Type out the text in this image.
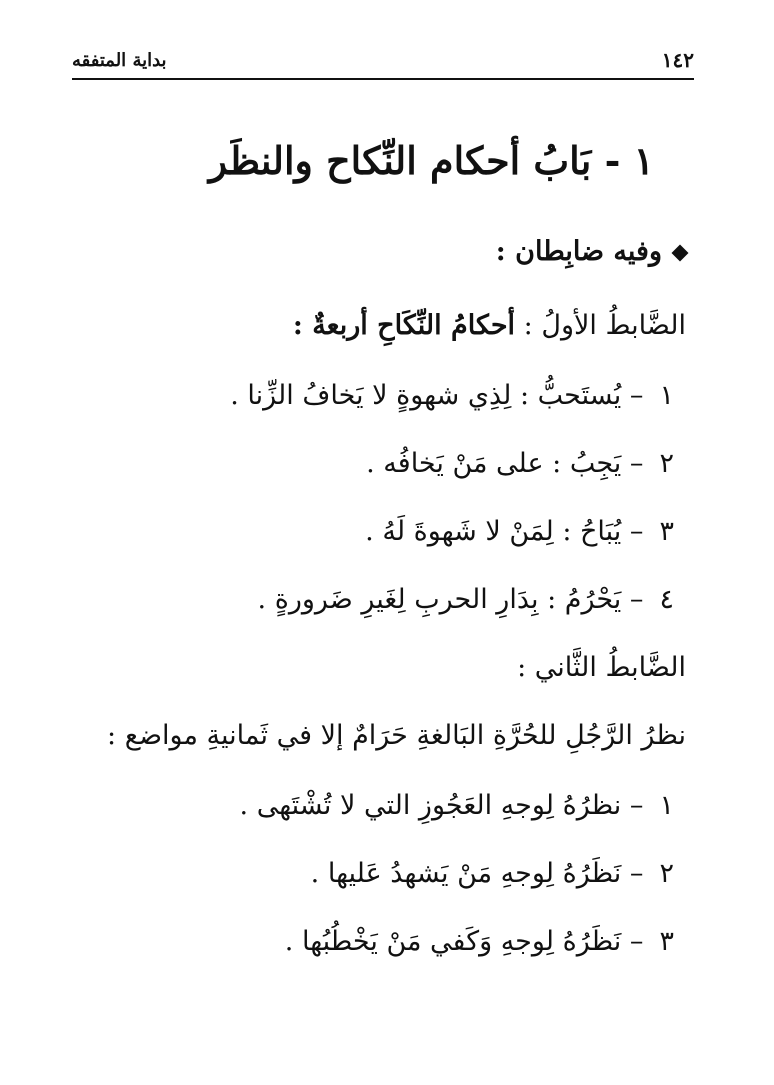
١٤٢
بداية المتفقه
١ - بَابُ أحكام النِّكاح والنظَر
وفيه ضابِطان :
الضَّابطُ الأولُ : أحكامُ النِّكَاحِ أربعةٌ :
١ – يُستَحبُّ : لِذِي شهوةٍ لا يَخافُ الزِّنا .
٢ – يَجِبُ : على مَنْ يَخافُه .
٣ – يُبَاحُ : لِمَنْ لا شَهوةَ لَهُ .
٤ – يَحْرُمُ : بِدَارِ الحربِ لِغَيرِ ضَرورةٍ .
الضَّابطُ الثَّاني :
نظرُ الرَّجُلِ للحُرَّةِ البَالغةِ حَرَامٌ إلا في ثَمانيةِ مواضع :
١ – نظرُهُ لِوجهِ العَجُوزِ التي لا تُشْتَهى .
٢ – نَظَرُهُ لِوجهِ مَنْ يَشهدُ عَليها .
٣ – نَظَرُهُ لِوجهِ وَكَفي مَنْ يَخْطُبُها .
